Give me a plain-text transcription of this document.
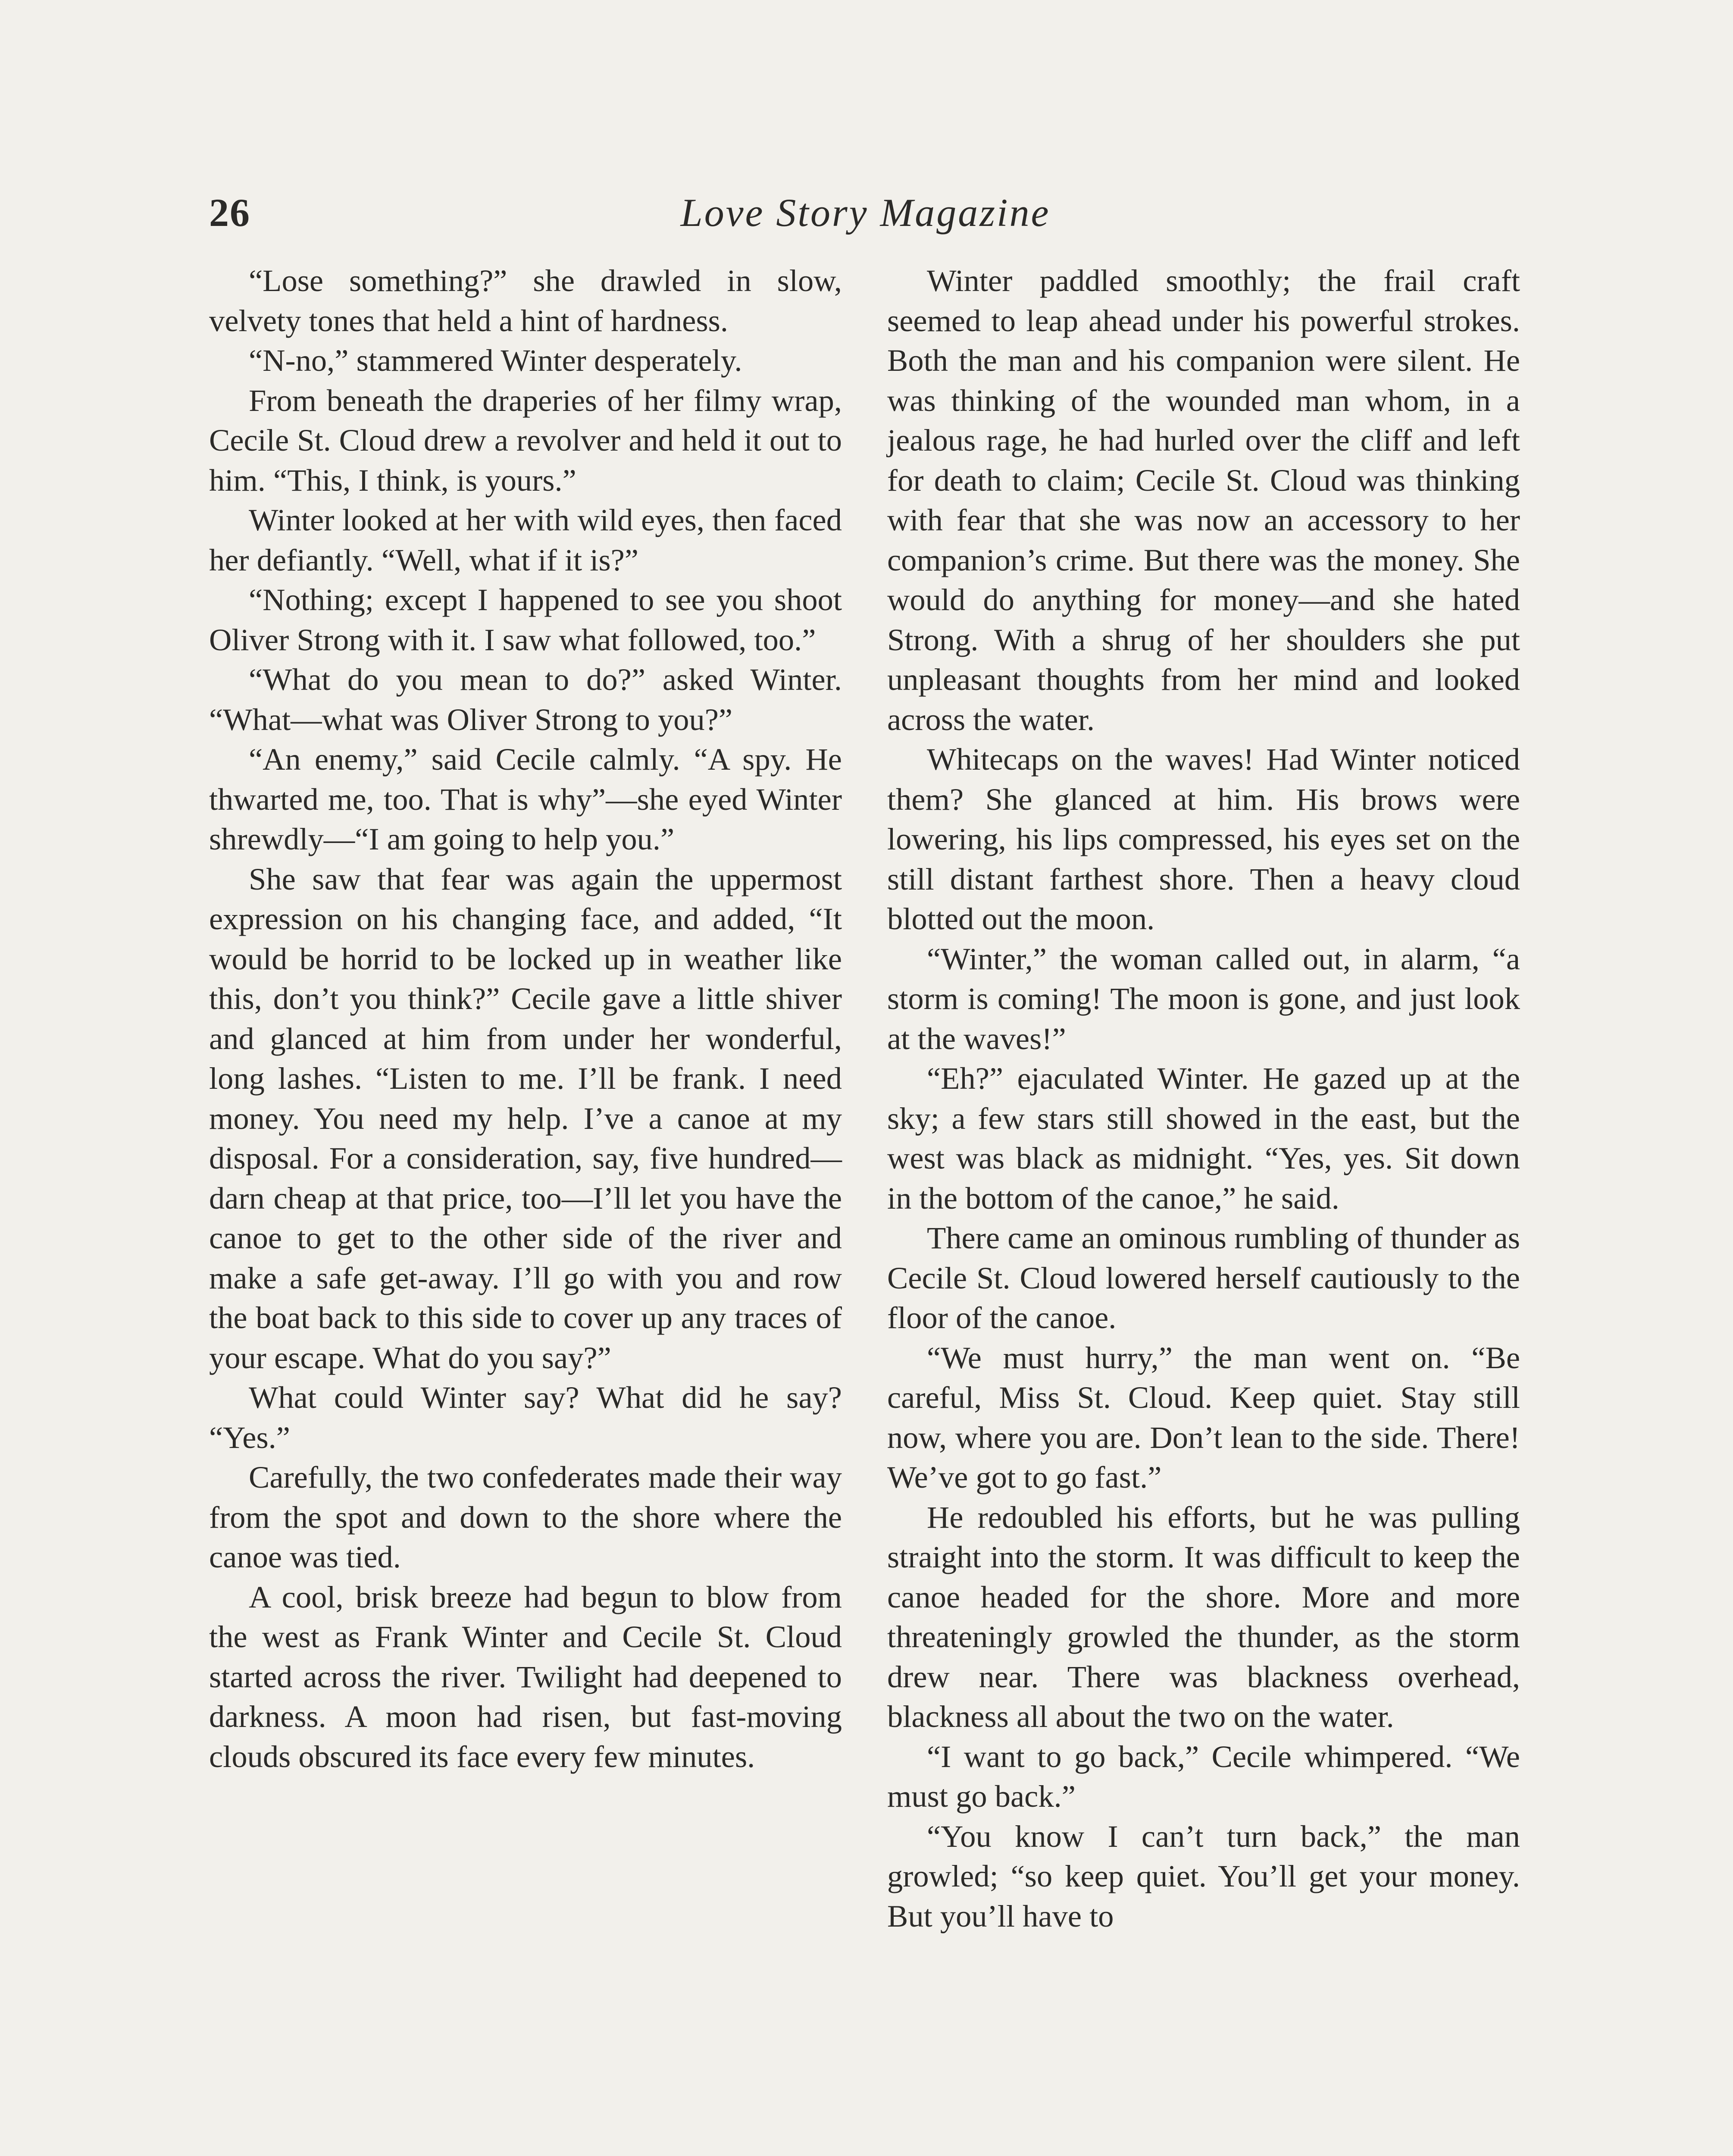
26	Love Story Magazine

“Lose something?” she drawled in slow, velvety tones that held a hint of hardness.

“N-no,” stammered Winter desperately.

From beneath the draperies of her filmy wrap, Cecile St. Cloud drew a revolver and held it out to him. “This, I think, is yours.”

Winter looked at her with wild eyes, then faced her defiantly. “Well, what if it is?”

“Nothing; except I happened to see you shoot Oliver Strong with it. I saw what followed, too.”

“What do you mean to do?” asked Winter. “What—what was Oliver Strong to you?”

“An enemy,” said Cecile calmly. “A spy. He thwarted me, too. That is why”—she eyed Winter shrewdly—“I am going to help you.”

She saw that fear was again the uppermost expression on his changing face, and added, “It would be horrid to be locked up in weather like this, don’t you think?” Cecile gave a little shiver and glanced at him from under her wonderful, long lashes. “Listen to me. I’ll be frank. I need money. You need my help. I’ve a canoe at my disposal. For a consideration, say, five hundred—darn cheap at that price, too—I’ll let you have the canoe to get to the other side of the river and make a safe get-away. I’ll go with you and row the boat back to this side to cover up any traces of your escape. What do you say?”

What could Winter say? What did he say? “Yes.”

Carefully, the two confederates made their way from the spot and down to the shore where the canoe was tied.

A cool, brisk breeze had begun to blow from the west as Frank Winter and Cecile St. Cloud started across the river. Twilight had deepened to darkness. A moon had risen, but fast-moving clouds obscured its face every few minutes.

Winter paddled smoothly; the frail craft seemed to leap ahead under his powerful strokes. Both the man and his companion were silent. He was thinking of the wounded man whom, in a jealous rage, he had hurled over the cliff and left for death to claim; Cecile St. Cloud was thinking with fear that she was now an accessory to her companion’s crime. But there was the money. She would do anything for money—and she hated Strong. With a shrug of her shoulders she put unpleasant thoughts from her mind and looked across the water.

Whitecaps on the waves! Had Winter noticed them? She glanced at him. His brows were lowering, his lips compressed, his eyes set on the still distant farthest shore. Then a heavy cloud blotted out the moon.

“Winter,” the woman called out, in alarm, “a storm is coming! The moon is gone, and just look at the waves!”

“Eh?” ejaculated Winter. He gazed up at the sky; a few stars still showed in the east, but the west was black as midnight. “Yes, yes. Sit down in the bottom of the canoe,” he said.

There came an ominous rumbling of thunder as Cecile St. Cloud lowered herself cautiously to the floor of the canoe.

“We must hurry,” the man went on. “Be careful, Miss St. Cloud. Keep quiet. Stay still now, where you are. Don’t lean to the side. There! We’ve got to go fast.”

He redoubled his efforts, but he was pulling straight into the storm. It was difficult to keep the canoe headed for the shore. More and more threateningly growled the thunder, as the storm drew near. There was blackness overhead, blackness all about the two on the water.

“I want to go back,” Cecile whimpered. “We must go back.”

“You know I can’t turn back,” the man growled; “so keep quiet. You’ll get your money. But you’ll have to
